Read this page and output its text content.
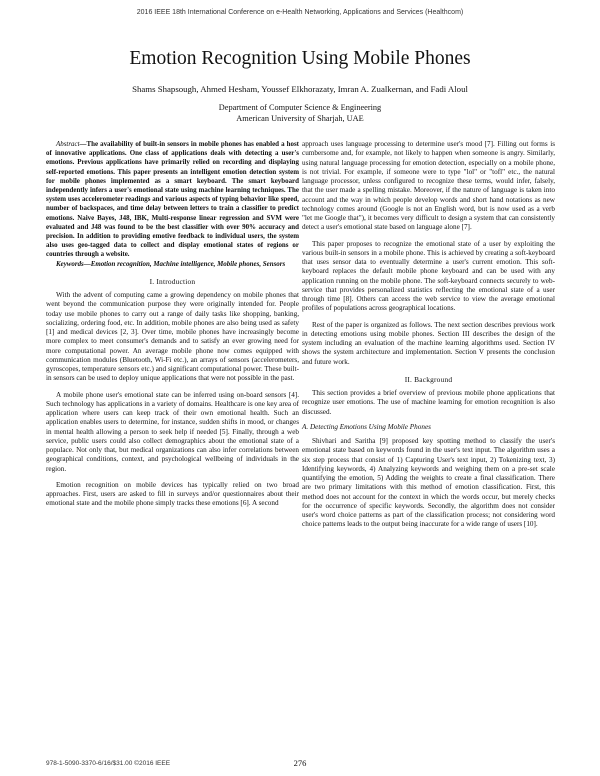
2016 IEEE 18th International Conference on e-Health Networking, Applications and Services (Healthcom)
Emotion Recognition Using Mobile Phones
Shams Shapsough, Ahmed Hesham, Youssef Elkhorazaty, Imran A. Zualkernan, and Fadi Aloul
Department of Computer Science & Engineering
American University of Sharjah, UAE

Abstract—The availability of built-in sensors in mobile phones has enabled a host of innovative applications. One class of applications deals with detecting a user's emotions. Previous applications have primarily relied on recording and displaying self-reported emotions. This paper presents an intelligent emotion detection system for mobile phones implemented as a smart keyboard. The smart keyboard independently infers a user's emotional state using machine learning techniques. The system uses accelerometer readings and various aspects of typing behavior like speed, number of backspaces, and time delay between letters to train a classifier to predict emotions. Naive Bayes, J48, IBK, Multi-response linear regression and SVM were evaluated and J48 was found to be the best classifier with over 90% accuracy and precision. In addition to providing emotive feedback to individual users, the system also uses geo-tagged data to collect and display emotional states of regions or countries through a website.

Keywords—Emotion recognition, Machine intelligence, Mobile phones, Sensors

I. Introduction

With the advent of computing came a growing dependency on mobile phones that went beyond the communication purpose they were originally intended for. People today use mobile phones to carry out a range of daily tasks like shopping, banking, socializing, ordering food, etc. In addition, mobile phones are also being used as safety [1] and medical devices [2, 3]. Over time, mobile phones have increasingly become more complex to meet consumer's demands and to satisfy an ever growing need for more computational power. An average mobile phone now comes equipped with communication modules (Bluetooth, Wi-Fi etc.), an arrays of sensors (accelerometers, gyroscopes, temperature sensors etc.) and significant computational power. These built-in sensors can be used to deploy unique applications that were not possible in the past.

A mobile phone user's emotional state can be inferred using on-board sensors [4]. Such technology has applications in a variety of domains. Healthcare is one key area of application where users can keep track of their own emotional health. Such an application enables users to determine, for instance, sudden shifts in mood, or changes in mental health allowing a person to seek help if needed [5]. Finally, through a web service, public users could also collect demographics about the emotional state of a populace. Not only that, but medical organizations can also infer correlations between geographical conditions, context, and psychological wellbeing of individuals in the region.

Emotion recognition on mobile devices has typically relied on two broad approaches. First, users are asked to fill in surveys and/or questionnaires about their emotional state and the mobile phone simply tracks these emotions [6]. A second

approach uses language processing to determine user's mood [7]. Filling out forms is cumbersome and, for example, not likely to happen when someone is angry. Similarly, using natural language processing for emotion detection, especially on a mobile phone, is not trivial. For example, if someone were to type "lol" or "tofl" etc., the natural language processor, unless configured to recognize these terms, would infer, falsely, that the user made a spelling mistake. Moreover, if the nature of language is taken into account and the way in which people develop words and short hand notations as new technology comes around (Google is not an English word, but is now used as a verb "let me Google that"), it becomes very difficult to design a system that can consistently detect a user's emotional state based on language alone [7].

This paper proposes to recognize the emotional state of a user by exploiting the various built-in sensors in a mobile phone. This is achieved by creating a soft-keyboard that uses sensor data to eventually determine a user's current emotion. This soft-keyboard replaces the default mobile phone keyboard and can be used with any application running on the mobile phone. The soft-keyboard connects securely to web-service that provides personalized statistics reflecting the emotional state of a user through time [8]. Others can access the web service to view the average emotional profiles of populations across geographical locations.

Rest of the paper is organized as follows. The next section describes previous work in detecting emotions using mobile phones. Section III describes the design of the system including an evaluation of the machine learning algorithms used. Section IV shows the system architecture and implementation. Section V presents the conclusion and future work.

II. Background

This section provides a brief overview of previous mobile phone applications that recognize user emotions. The use of machine learning for emotion recognition is also discussed.

A. Detecting Emotions Using Mobile Phones

Shivhari and Saritha [9] proposed key spotting method to classify the user's emotional state based on keywords found in the user's text input. The algorithm uses a six step process that consist of 1) Capturing User's text input, 2) Tokenizing text, 3) Identifying keywords, 4) Analyzing keywords and weighing them on a pre-set scale quantifying the emotion, 5) Adding the weights to create a final classification. There are two primary limitations with this method of emotion classification. First, this method does not account for the context in which the words occur, but merely checks for the occurrence of specific keywords. Secondly, the algorithm does not consider user's word choice patterns as part of the classification process; not considering word choice patterns leads to the output being inaccurate for a wide range of users [10].

978-1-5090-3370-6/16/$31.00 ©2016 IEEE	276
